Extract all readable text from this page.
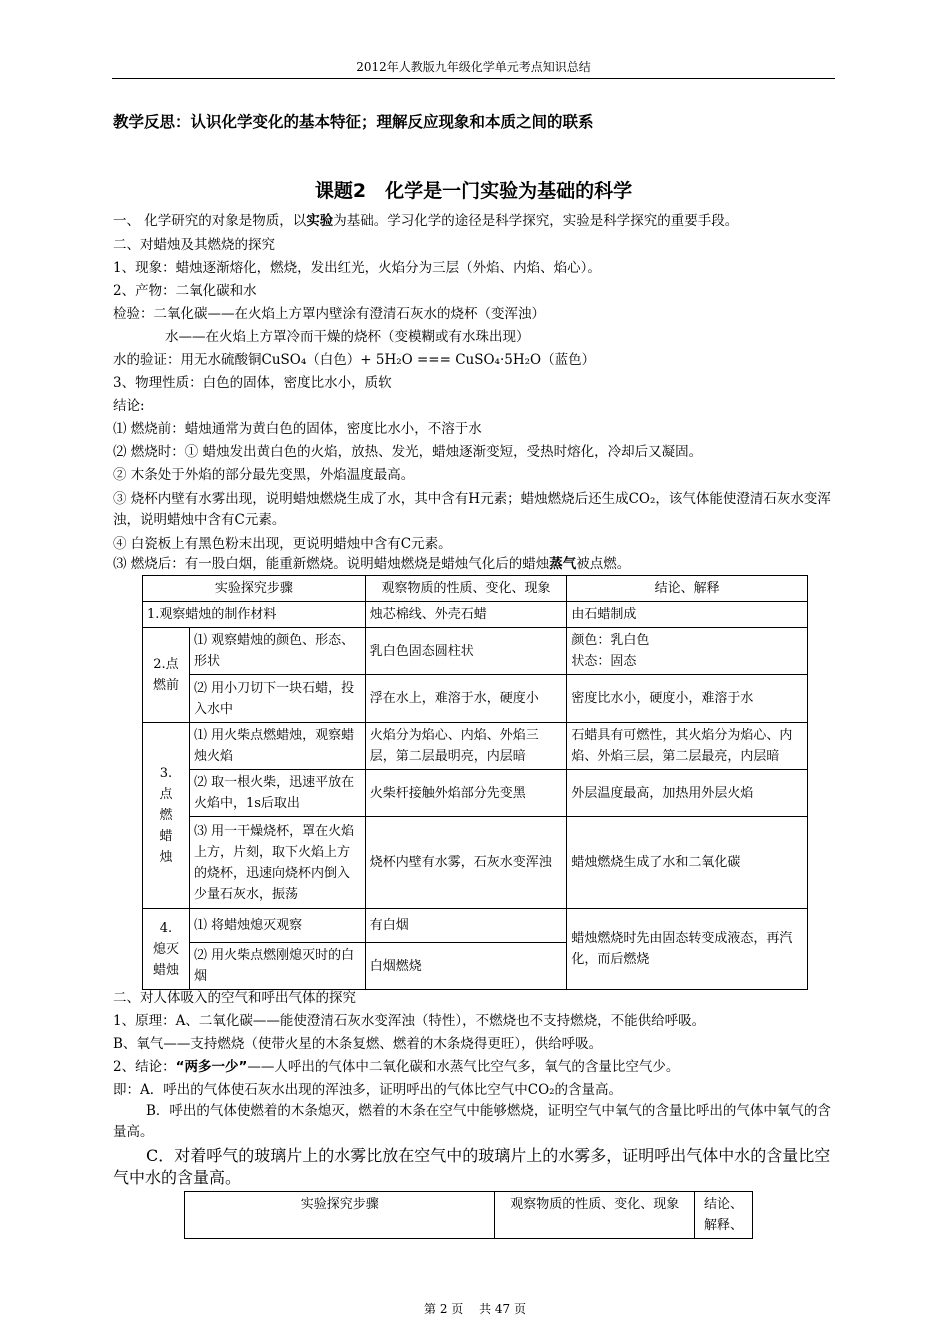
2012年人教版九年级化学单元考点知识总结
教学反思：认识化学变化的基本特征；理解反应现象和本质之间的联系
课题2　化学是一门实验为基础的科学
一、 化学研究的对象是物质，以实验为基础。学习化学的途径是科学探究，实验是科学探究的重要手段。
二、对蜡烛及其燃烧的探究
1、现象：蜡烛逐渐熔化，燃烧，发出红光，火焰分为三层（外焰、内焰、焰心）。
2、产物：二氧化碳和水
检验：二氧化碳——在火焰上方罩内壁涂有澄清石灰水的烧杯（变浑浊）
水——在火焰上方罩冷而干燥的烧杯（变模糊或有水珠出现）
水的验证：用无水硫酸铜CuSO₄（白色）+ 5H₂O === CuSO₄·5H₂O（蓝色）
3、物理性质：白色的固体，密度比水小，质软
结论:
⑴ 燃烧前：蜡烛通常为黄白色的固体，密度比水小，不溶于水
⑵ 燃烧时：① 蜡烛发出黄白色的火焰，放热、发光，蜡烛逐渐变短，受热时熔化，冷却后又凝固。
② 木条处于外焰的部分最先变黑，外焰温度最高。
③ 烧杯内壁有水雾出现，说明蜡烛燃烧生成了水，其中含有H元素；蜡烛燃烧后还生成CO₂，该气体能使澄清石灰水变浑浊，说明蜡烛中含有C元素。
④ 白瓷板上有黑色粉末出现，更说明蜡烛中含有C元素。
⑶ 燃烧后：有一股白烟，能重新燃烧。说明蜡烛燃烧是蜡烛气化后的蜡烛蒸气被点燃。
实验探究步骤		观察物质的性质、变化、现象	结论、解释
1.观察蜡烛的制作材料		烛芯棉线、外壳石蜡	由石蜡制成
2.点燃前	⑴ 观察蜡烛的颜色、形态、形状	乳白色固态圆柱状	颜色：乳白色
状态：固态

	⑵ 用小刀切下一块石蜡，投入水中	浮在水上，难溶于水，硬度小	密度比水小，硬度小，难溶于水

3.
点
燃
蜡
烛	⑴ 用火柴点燃蜡烛，观察蜡烛火焰	火焰分为焰心、内焰、外焰三层，第二层最明亮，内层暗	石蜡具有可燃性，其火焰分为焰心、内焰、外焰三层，第二层最亮，内层暗
	⑵ 取一根火柴，迅速平放在火焰中，1s后取出	火柴杆接触外焰部分先变黑	外层温度最高，加热用外层火焰
	⑶ 用一干燥烧杯，罩在火焰上方，片刻，取下火焰上方的烧杯，迅速向烧杯内倒入少量石灰水，振荡	烧杯内壁有水雾，石灰水变浑浊	蜡烛燃烧生成了水和二氧化碳

4.
熄灭
蜡烛	⑴ 将蜡烛熄灭观察	有白烟	蜡烛燃烧时先由固态转变成液态，再汽化，而后燃烧
	⑵ 用火柴点燃刚熄灭时的白烟	白烟燃烧	
二、对人体吸入的空气和呼出气体的探究
1、原理：A、二氧化碳——能使澄清石灰水变浑浊（特性），不燃烧也不支持燃烧，不能供给呼吸。
B、氧气——支持燃烧（使带火星的木条复燃、燃着的木条烧得更旺），供给呼吸。
2、结论：“两多一少”——人呼出的气体中二氧化碳和水蒸气比空气多，氧气的含量比空气少。
即：A．呼出的气体使石灰水出现的浑浊多，证明呼出的气体比空气中CO₂的含量高。
B．呼出的气体使燃着的木条熄灭，燃着的木条在空气中能够燃烧，证明空气中氧气的含量比呼出的气体中氧气的含量高。
C．对着呼气的玻璃片上的水雾比放在空气中的玻璃片上的水雾多，证明呼出气体中水的含量比空气中水的含量高。
实验探究步骤	观察物质的性质、变化、现象	结论、
解释、
第 2 页　 共 47 页
